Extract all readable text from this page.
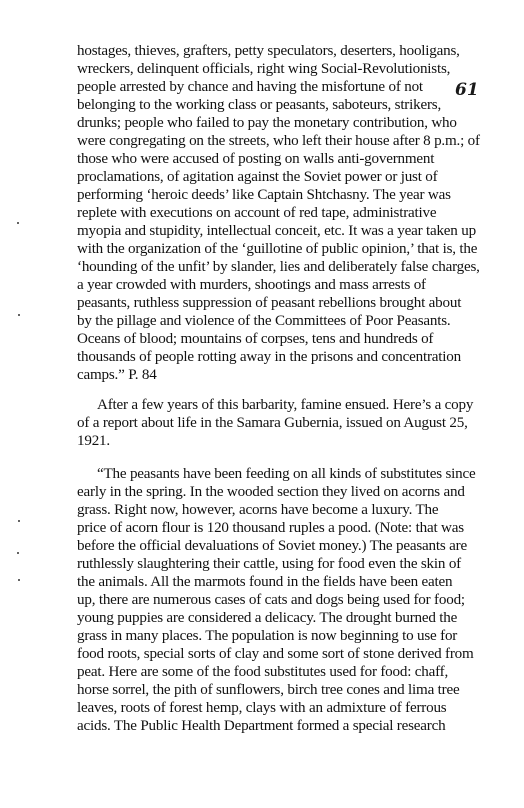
61
hostages, thieves, grafters, petty speculators, deserters, hooligans,
wreckers, delinquent officials, right wing Social-Revolutionists,
people arrested by chance and having the misfortune of not
belonging to the working class or peasants, saboteurs, strikers,
drunks; people who failed to pay the monetary contribution, who
were congregating on the streets, who left their house after 8 p.m.; of
those who were accused of posting on walls anti-government
proclamations, of agitation against the Soviet power or just of
performing ‘heroic deeds’ like Captain Shtchasny. The year was
replete with executions on account of red tape, administrative
myopia and stupidity, intellectual conceit, etc. It was a year taken up
with the organization of the ‘guillotine of public opinion,’ that is, the
‘hounding of the unfit’ by slander, lies and deliberately false charges,
a year crowded with murders, shootings and mass arrests of
peasants, ruthless suppression of peasant rebellions brought about
by the pillage and violence of the Committees of Poor Peasants.
Oceans of blood; mountains of corpses, tens and hundreds of
thousands of people rotting away in the prisons and concentration
camps.” P. 84
After a few years of this barbarity, famine ensued. Here’s a copy
of a report about life in the Samara Gubernia, issued on August 25,
1921.
“The peasants have been feeding on all kinds of substitutes since
early in the spring. In the wooded section they lived on acorns and
grass. Right now, however, acorns have become a luxury. The
price of acorn flour is 120 thousand ruples a pood. (Note: that was
before the official devaluations of Soviet money.) The peasants are
ruthlessly slaughtering their cattle, using for food even the skin of
the animals. All the marmots found in the fields have been eaten
up, there are numerous cases of cats and dogs being used for food;
young puppies are considered a delicacy. The drought burned the
grass in many places. The population is now beginning to use for
food roots, special sorts of clay and some sort of stone derived from
peat. Here are some of the food substitutes used for food: chaff,
horse sorrel, the pith of sunflowers, birch tree cones and lima tree
leaves, roots of forest hemp, clays with an admixture of ferrous
acids. The Public Health Department formed a special research
